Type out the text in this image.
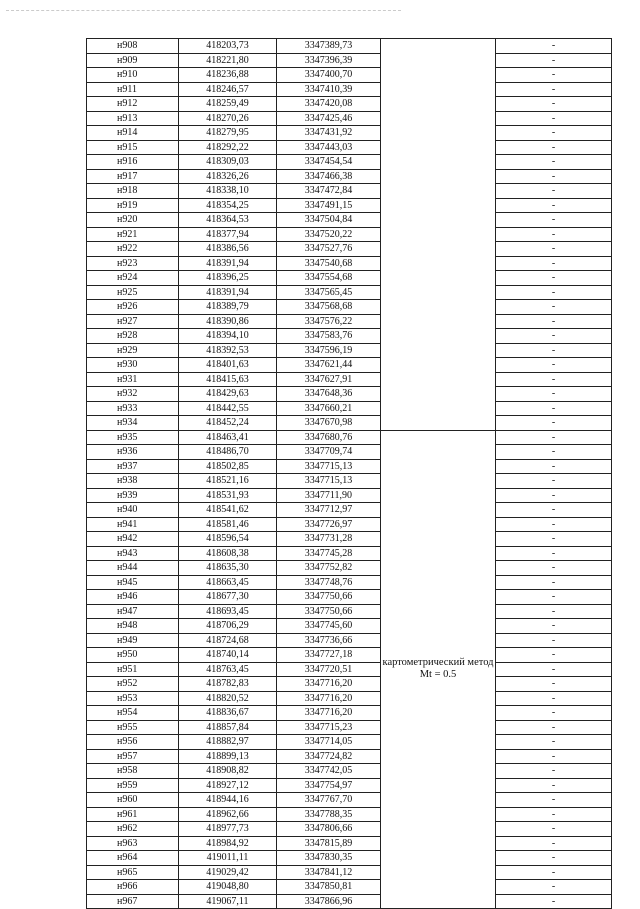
н908	418203,73	3347389,73		-
н909	418221,80	3347396,39		-
н910	418236,88	3347400,70		-
н911	418246,57	3347410,39		-
н912	418259,49	3347420,08		-
н913	418270,26	3347425,46		-
н914	418279,95	3347431,92		-
н915	418292,22	3347443,03		-
н916	418309,03	3347454,54		-
н917	418326,26	3347466,38		-
н918	418338,10	3347472,84		-
н919	418354,25	3347491,15		-
н920	418364,53	3347504,84		-
н921	418377,94	3347520,22		-
н922	418386,56	3347527,76		-
н923	418391,94	3347540,68		-
н924	418396,25	3347554,68		-
н925	418391,94	3347565,45		-
н926	418389,79	3347568,68		-
н927	418390,86	3347576,22		-
н928	418394,10	3347583,76		-
н929	418392,53	3347596,19		-
н930	418401,63	3347621,44		-
н931	418415,63	3347627,91		-
н932	418429,63	3347648,36		-
н933	418442,55	3347660,21		-
н934	418452,24	3347670,98		-
н935	418463,41	3347680,76	картометрический метод Mt = 0.5	-
н936	418486,70	3347709,74		-
н937	418502,85	3347715,13		-
н938	418521,16	3347715,13		-
н939	418531,93	3347711,90		-
н940	418541,62	3347712,97		-
н941	418581,46	3347726,97		-
н942	418596,54	3347731,28		-
н943	418608,38	3347745,28		-
н944	418635,30	3347752,82		-
н945	418663,45	3347748,76		-
н946	418677,30	3347750,66		-
н947	418693,45	3347750,66		-
н948	418706,29	3347745,60		-
н949	418724,68	3347736,66		-
н950	418740,14	3347727,18		-
н951	418763,45	3347720,51		-
н952	418782,83	3347716,20		-
н953	418820,52	3347716,20		-
н954	418836,67	3347716,20		-
н955	418857,84	3347715,23		-
н956	418882,97	3347714,05		-
н957	418899,13	3347724,82		-
н958	418908,82	3347742,05		-
н959	418927,12	3347754,97		-
н960	418944,16	3347767,70		-
н961	418962,66	3347788,35		-
н962	418977,73	3347806,66		-
н963	418984,92	3347815,89		-
н964	419011,11	3347830,35		-
н965	419029,42	3347841,12		-
н966	419048,80	3347850,81		-
н967	419067,11	3347866,96		-
